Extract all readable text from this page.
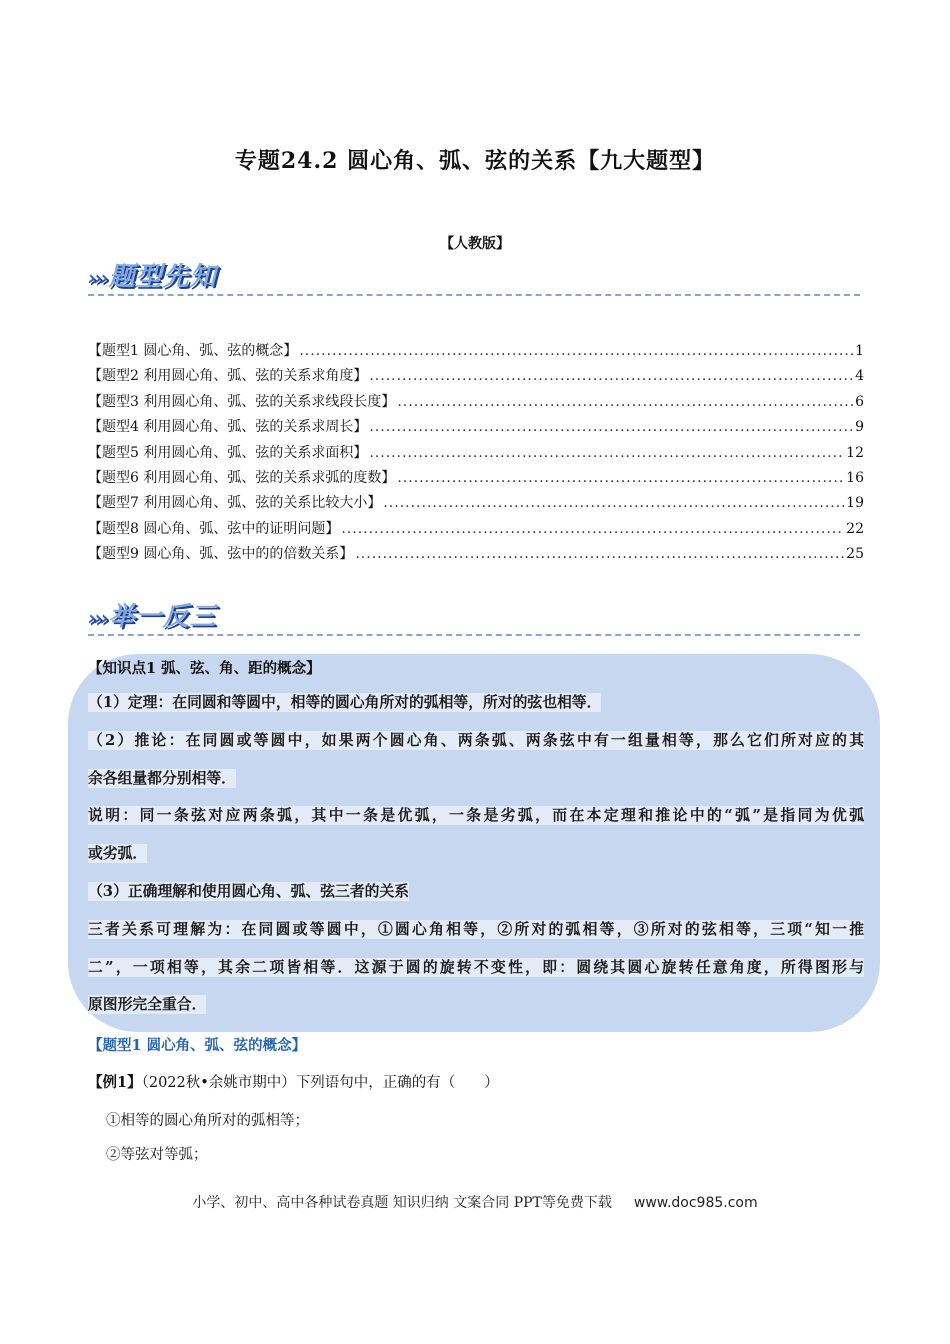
专题24.2 圆心角、弧、弦的关系【九大题型】
【人教版】
›››题型先知
【题型1 圆心角、弧、弦的概念】 .....	1
【题型2 利用圆心角、弧、弦的关系求角度】 .....	4
【题型3 利用圆心角、弧、弦的关系求线段长度】 .....	6
【题型4 利用圆心角、弧、弦的关系求周长】 .....	9
【题型5 利用圆心角、弧、弦的关系求面积】 .....	12
【题型6 利用圆心角、弧、弦的关系求弧的度数】 .....	16
【题型7 利用圆心角、弧、弦的关系比较大小】 .....	19
【题型8 圆心角、弧、弦中的证明问题】 .....	22
【题型9 圆心角、弧、弦中的的倍数关系】 .....	25
›››举一反三
【知识点1 弧、弦、角、距的概念】
（1）定理：在同圆和等圆中，相等的圆心角所对的弧相等，所对的弦也相等．
（2）推论：在同圆或等圆中，如果两个圆心角、两条弧、两条弦中有一组量相等，那么它们所对应的其
余各组量都分别相等．
说明：同一条弦对应两条弧，其中一条是优弧，一条是劣弧，而在本定理和推论中的“弧”是指同为优弧
或劣弧．
（3）正确理解和使用圆心角、弧、弦三者的关系
三者关系可理解为：在同圆或等圆中，①圆心角相等，②所对的弧相等，③所对的弦相等，三项“知一推
二”，一项相等，其余二项皆相等．这源于圆的旋转不变性，即：圆绕其圆心旋转任意角度，所得图形与
原图形完全重合．
【题型1 圆心角、弧、弦的概念】
【例1】（2022秋•余姚市期中）下列语句中，正确的有（　　）
①相等的圆心角所对的弧相等；
②等弦对等弧；
小学、初中、高中各种试卷真题 知识归纳 文案合同 PPT等免费下载 www.doc985.com
